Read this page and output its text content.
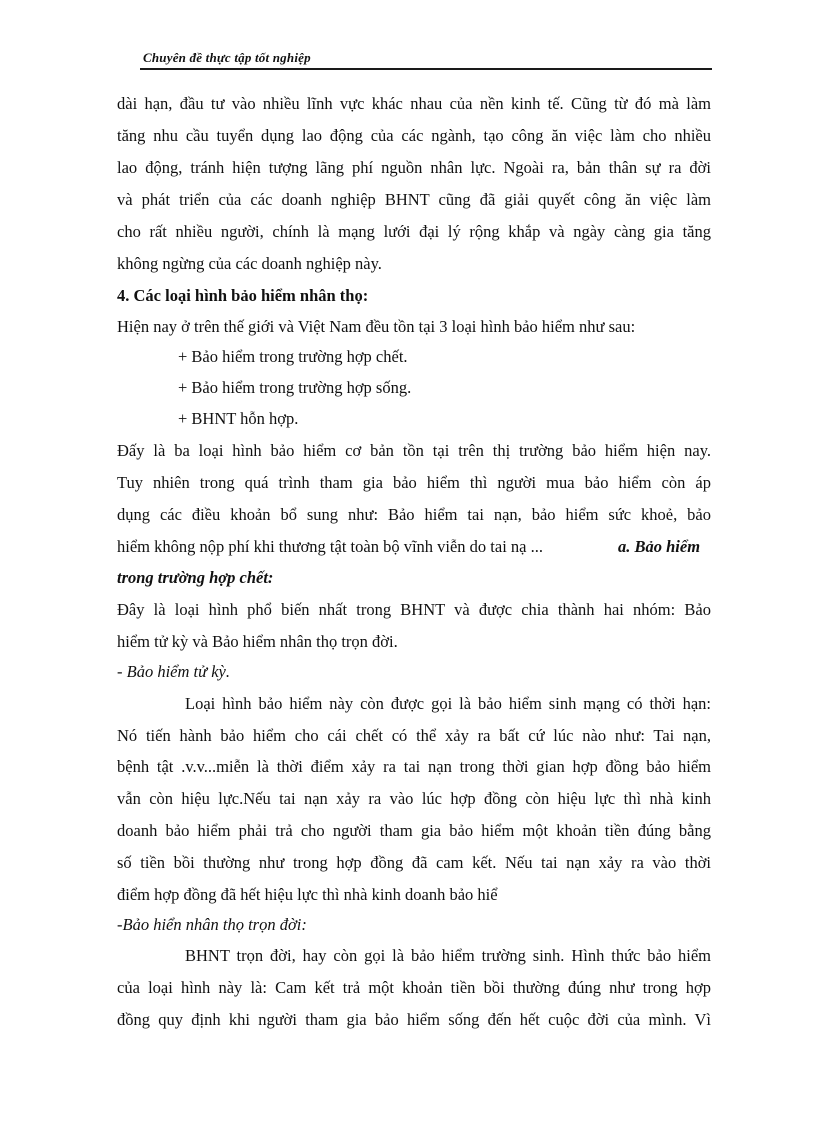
Chuyên đề thực tập tốt nghiệp
dài hạn, đầu tư vào nhiều lĩnh vực khác nhau của nền kinh tế. Cũng từ đó mà làm
tăng nhu cầu tuyển dụng lao động của các ngành, tạo công ăn việc làm cho nhiều
lao động, tránh hiện tượng lãng phí nguồn nhân lực. Ngoài ra, bản thân sự ra đời
và phát triển của các doanh nghiệp BHNT cũng đã giải quyết công ăn việc làm
cho rất nhiều người, chính là mạng lưới đại lý rộng khắp và ngày càng gia tăng
không ngừng của các doanh nghiệp này.
4. Các loại hình bảo hiểm nhân thọ:
Hiện nay ở trên thế giới và Việt Nam đều tồn tại 3 loại hình bảo hiểm như sau:
+ Bảo hiểm trong trường hợp chết.
+ Bảo hiểm trong trường hợp sống.
+ BHNT hỗn hợp.
Đấy là ba loại hình bảo hiểm cơ bản tồn tại trên thị trường bảo hiểm hiện nay.
Tuy nhiên trong quá trình tham gia bảo hiểm thì người mua bảo hiểm còn áp
dụng các điều khoản bổ sung như: Bảo hiểm tai nạn, bảo hiểm sức khoẻ, bảo
hiểm không nộp phí khi thương tật toàn bộ vĩnh viễn do tai nạ ...	a. Bảo hiểm
trong trường hợp chết:
Đây là loại hình phổ biến nhất trong BHNT và được chia thành hai nhóm: Bảo
hiểm tử kỳ và Bảo hiểm nhân thọ trọn đời.
- Bảo hiểm tử kỳ.
Loại hình bảo hiểm này còn được gọi là bảo hiểm sinh mạng có thời hạn:
Nó tiến hành bảo hiểm cho cái chết có thể xảy ra bất cứ lúc nào như: Tai nạn,
bệnh tật .v.v...miễn là thời điểm xảy ra tai nạn trong thời gian hợp đồng bảo hiểm
vẫn còn hiệu lực.Nếu tai nạn xảy ra vào lúc hợp đồng còn hiệu lực thì nhà kinh
doanh bảo hiểm phải trả cho người tham gia bảo hiểm một khoản tiền đúng bằng
số tiền bồi thường như trong hợp đồng đã cam kết. Nếu tai nạn xảy ra vào thời
điểm hợp đồng đã hết hiệu lực thì nhà kinh doanh bảo hiể
-Bảo hiển nhân thọ trọn đời:
BHNT trọn đời, hay còn gọi là bảo hiểm trường sinh. Hình thức bảo hiểm
của loại hình này là: Cam kết trả một khoản tiền bồi thường đúng như trong hợp
đồng quy định khi người tham gia bảo hiểm sống đến hết cuộc đời của mình. Vì
